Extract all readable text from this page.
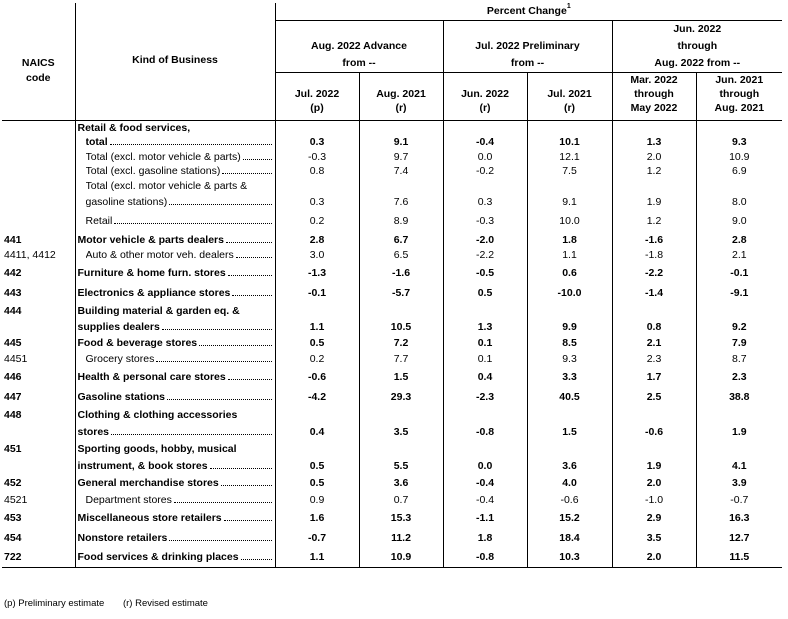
		Percent Change$^1$
						Jun. 2022	
		Aug. 2022 Advance		Jul. 2022 Preliminary		through	
NAICS	Kind of Business	from --		from --		Aug. 2022 from --	
code						Mar. 2022	Jun. 2021
		Jul. 2022	Aug. 2021	Jun. 2022	Jul. 2021	through	through
		(p)	(r)	(r)	(r)	May 2022	Aug. 2021

	Retail & food services,						

	total	0.3	9.1	-0.4	10.1	1.3	9.3

	Total (excl. motor vehicle & parts)	-0.3	9.7	0.0	12.1	2.0	10.9

	Total (excl. gasoline stations)	0.8	7.4	-0.2	7.5	1.2	6.9

	Total (excl. motor vehicle & parts &						

	gasoline stations)	0.3	7.6	0.3	9.1	1.9	8.0

	Retail	0.2	8.9	-0.3	10.0	1.2	9.0
441	Motor vehicle & parts dealers	2.8	6.7	-2.0	1.8	-1.6	2.8
4411, 4412	Auto & other motor veh. dealers	3.0	6.5	-2.2	1.1	-1.8	2.1
442	Furniture & home furn. stores	-1.3	-1.6	-0.5	0.6	-2.2	-0.1
443	Electronics & appliance stores	-0.1	-5.7	0.5	-10.0	-1.4	-9.1
444	Building material & garden eq. &						

	supplies dealers	1.1	10.5	1.3	9.9	0.8	9.2
445	Food & beverage stores	0.5	7.2	0.1	8.5	2.1	7.9
4451	Grocery stores	0.2	7.7	0.1	9.3	2.3	8.7
446	Health & personal care stores	-0.6	1.5	0.4	3.3	1.7	2.3
447	Gasoline stations	-4.2	29.3	-2.3	40.5	2.5	38.8
448	Clothing & clothing accessories						

	stores	0.4	3.5	-0.8	1.5	-0.6	1.9
451	Sporting goods, hobby, musical						

	instrument, & book stores	0.5	5.5	0.0	3.6	1.9	4.1
452	General merchandise stores	0.5	3.6	-0.4	4.0	2.0	3.9
4521	Department stores	0.9	0.7	-0.4	-0.6	-1.0	-0.7
453	Miscellaneous store retailers	1.6	15.3	-1.1	15.2	2.9	16.3
454	Nonstore retailers	-0.7	11.2	1.8	18.4	3.5	12.7
722	Food services & drinking places	1.1	10.9	-0.8	10.3	2.0	11.5
(p) Preliminary estimate (r) Revised estimate
